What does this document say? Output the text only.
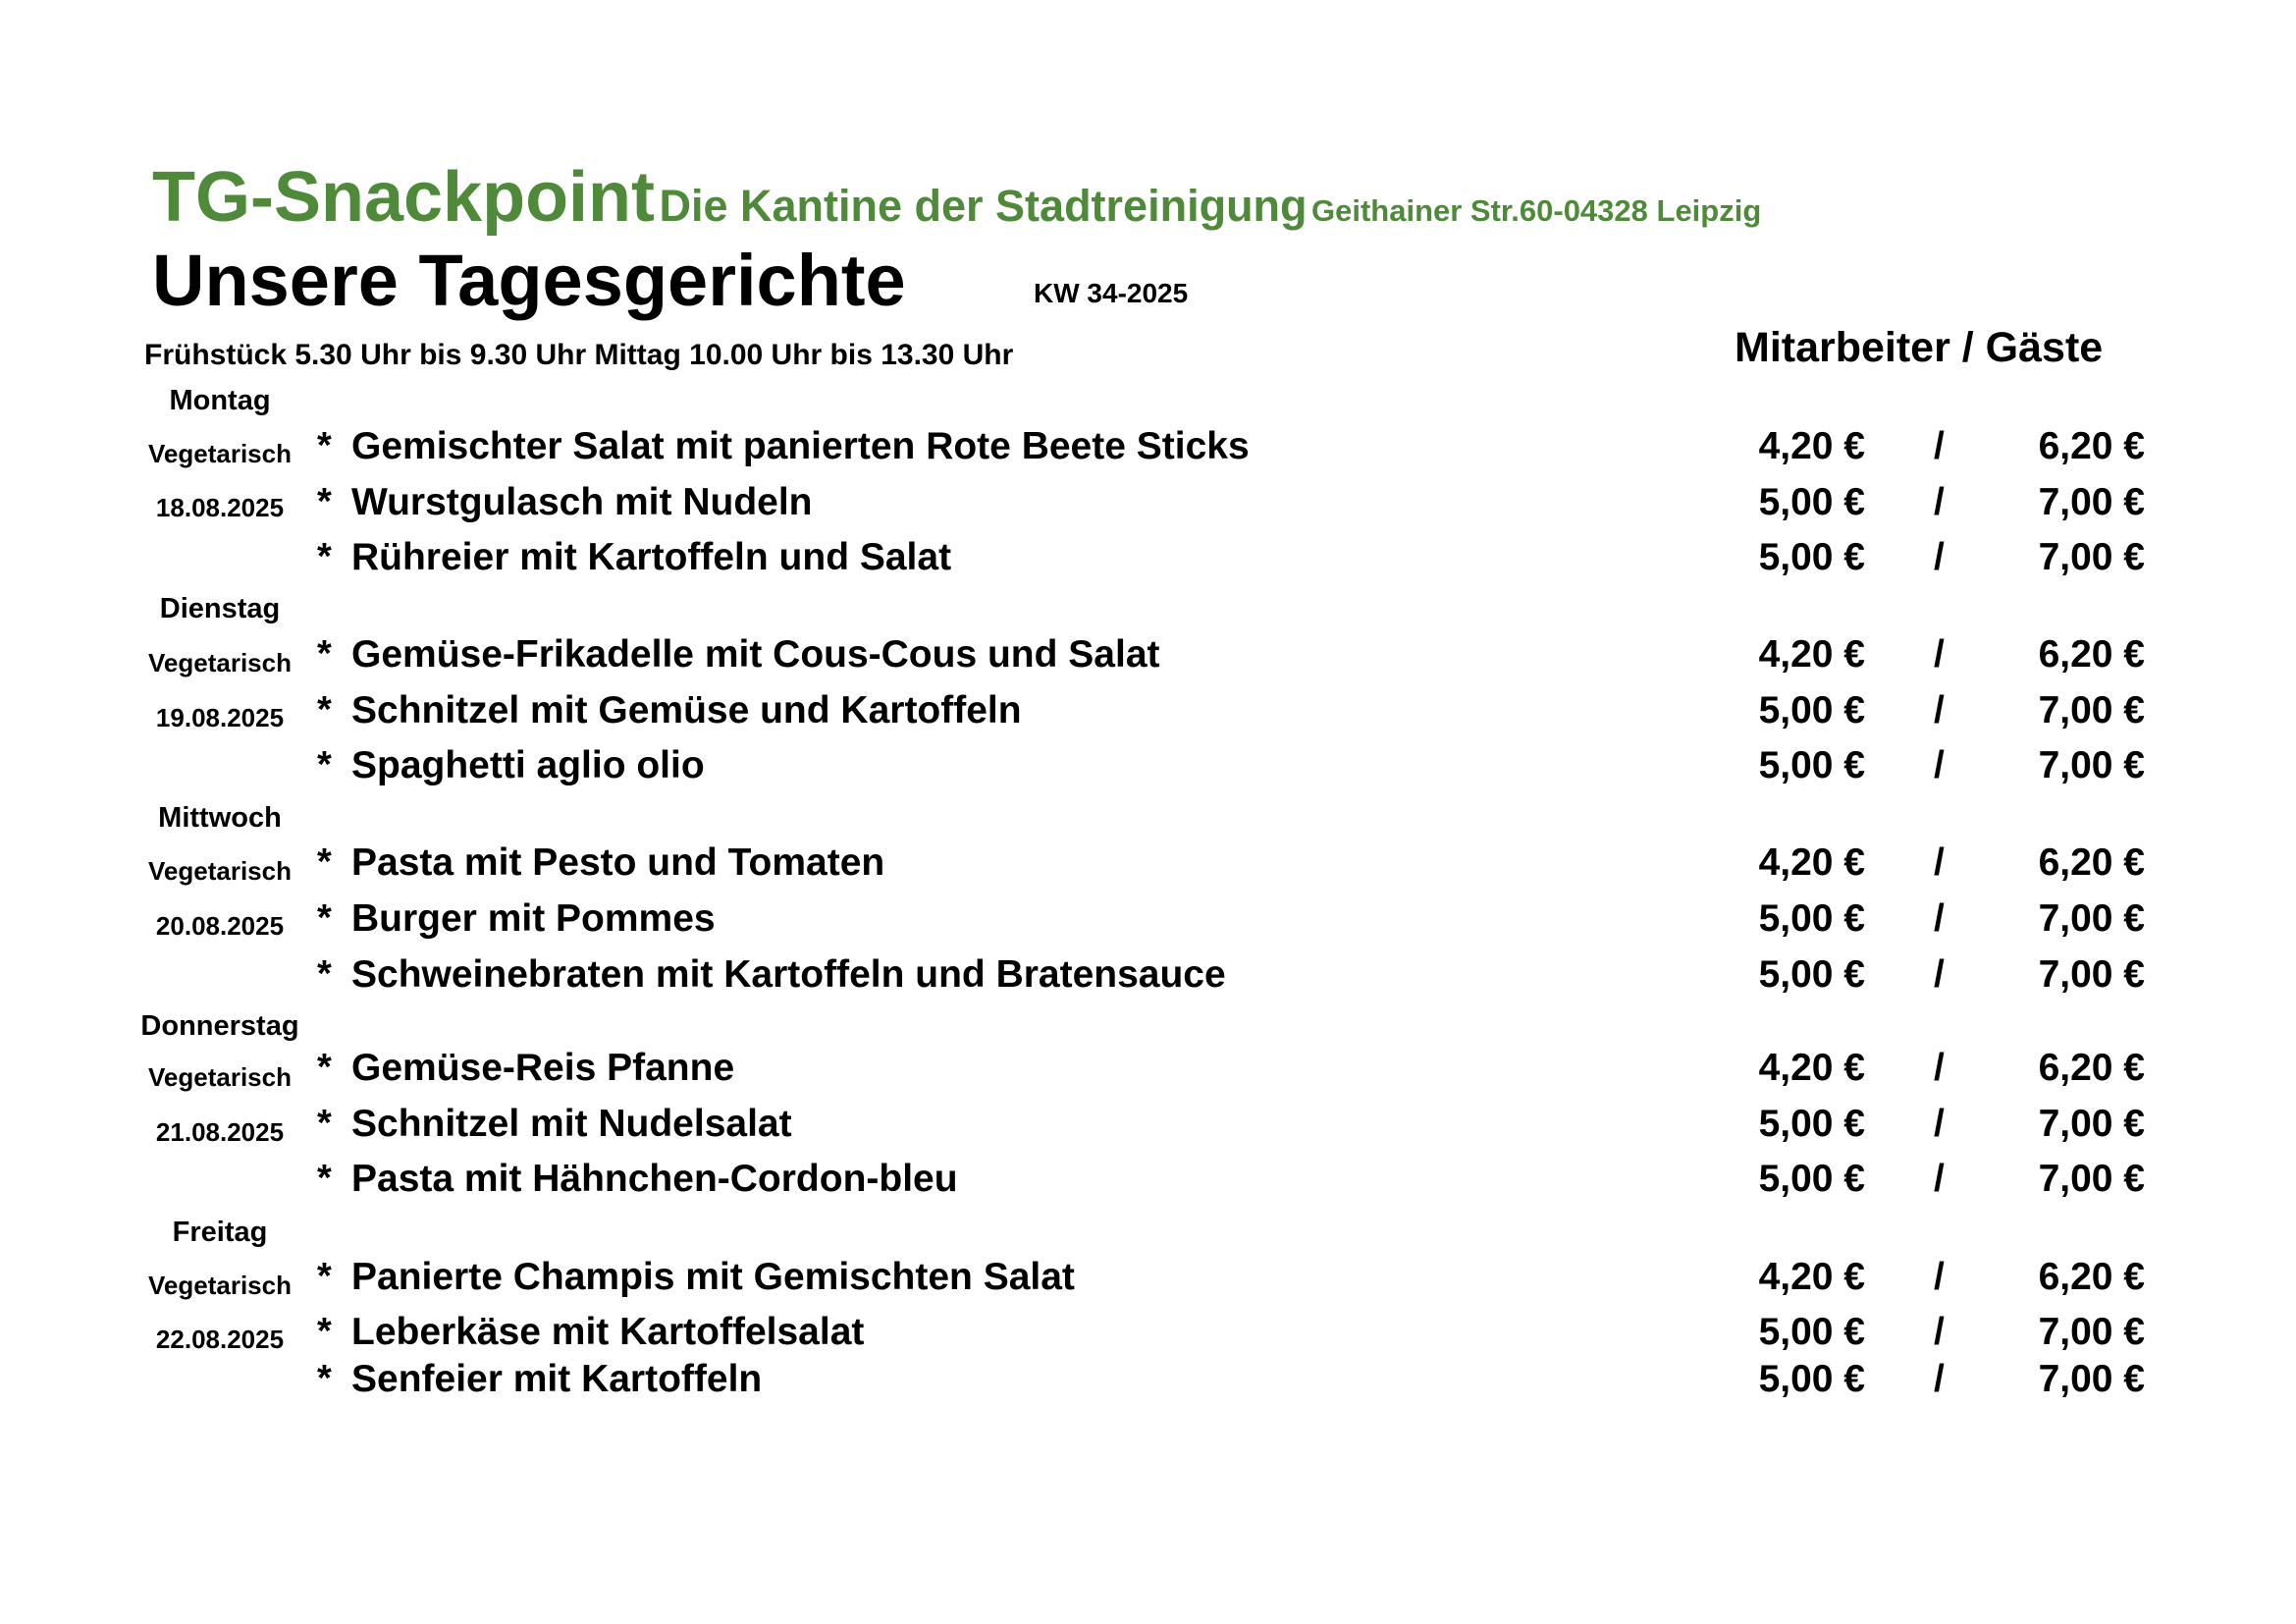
TG-Snackpoint Die Kantine der Stadtreinigung Geithainer Str.60-04328 Leipzig
Unsere Tagesgerichte	KW 34-2025
Frühstück 5.30 Uhr bis 9.30 Uhr Mittag 10.00 Uhr bis 13.30 Uhr	Mitarbeiter / Gäste
Montag
Vegetarisch
18.08.2025
* Gemischter Salat mit panierten Rote Beete Sticks	4,20 € /	6,20 €
* Wurstgulasch mit Nudeln	5,00 € /	7,00 €
* Rühreier mit Kartoffeln und Salat	5,00 € /	7,00 €
Dienstag
Vegetarisch
19.08.2025
* Gemüse-Frikadelle mit Cous-Cous und Salat	4,20 € /	6,20 €
* Schnitzel mit Gemüse und Kartoffeln	5,00 € /	7,00 €
* Spaghetti aglio olio	5,00 € /	7,00 €
Mittwoch
Vegetarisch
20.08.2025
* Pasta mit Pesto und Tomaten	4,20 € /	6,20 €
* Burger mit Pommes	5,00 € /	7,00 €
* Schweinebraten mit Kartoffeln und Bratensauce	5,00 € /	7,00 €
Donnerstag
Vegetarisch
21.08.2025
* Gemüse-Reis Pfanne	4,20 € /	6,20 €
* Schnitzel mit Nudelsalat	5,00 € /	7,00 €
* Pasta mit Hähnchen-Cordon-bleu	5,00 € /	7,00 €
Freitag
Vegetarisch
22.08.2025
* Panierte Champis mit Gemischten Salat	4,20 € /	6,20 €
* Leberkäse mit Kartoffelsalat	5,00 € /	7,00 €
* Senfeier mit Kartoffeln	5,00 € /	7,00 €
